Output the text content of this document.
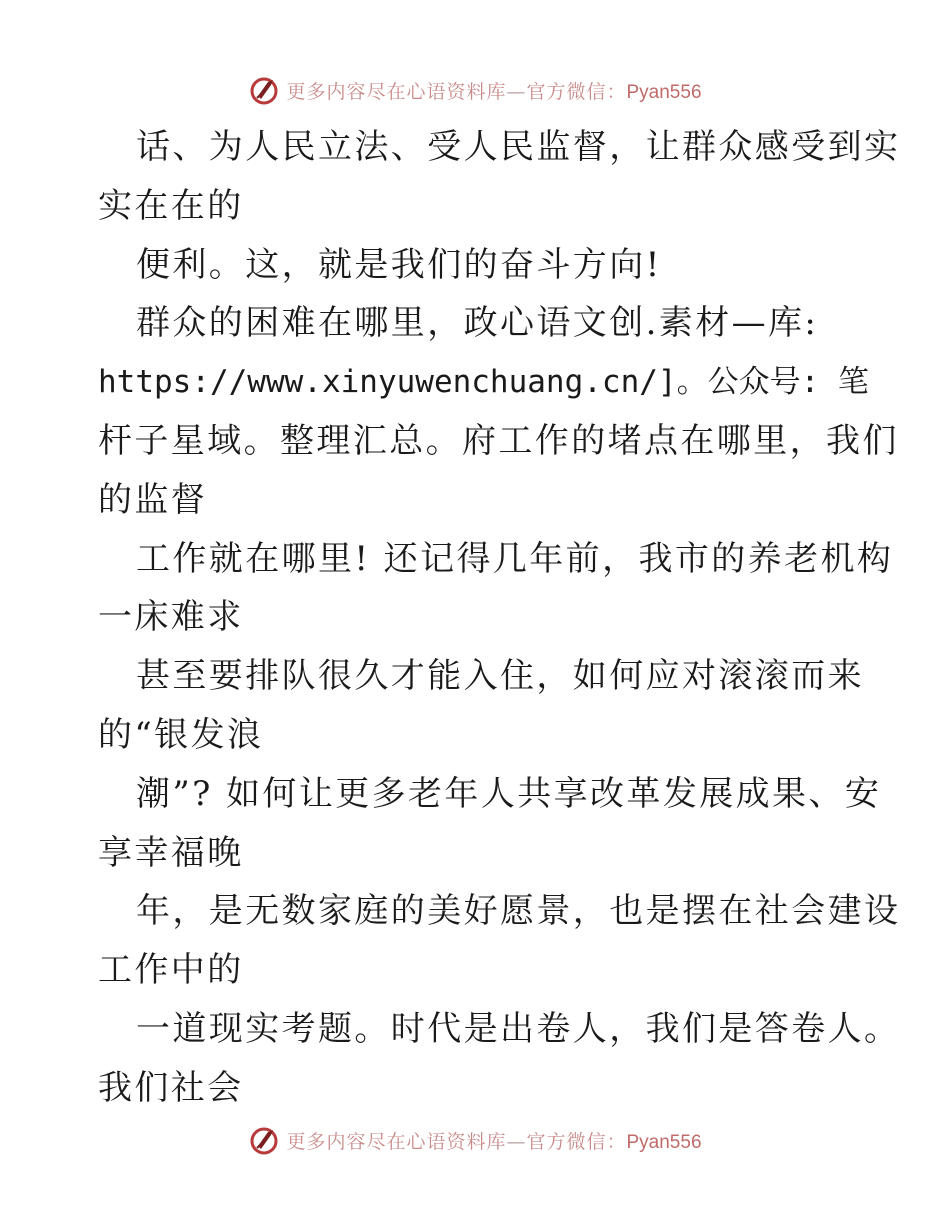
更多内容尽在心语资料库—官方微信：Pyan556
话、为人民立法、受人民监督，让群众感受到实
实在在的
便利。这，就是我们的奋斗方向!
群众的困难在哪里，政心语文创.素材—库:
https://www.xinyuwenchuang.cn/]。公众号: 笔
杆子星域。整理汇总。府工作的堵点在哪里，我们
的监督
工作就在哪里! 还记得几年前，我市的养老机构
一床难求
甚至要排队很久才能入住，如何应对滚滚而来
的“银发浪
潮”? 如何让更多老年人共享改革发展成果、安
享幸福晚
年，是无数家庭的美好愿景，也是摆在社会建设
工作中的
一道现实考题。时代是出卷人，我们是答卷人。
我们社会
更多内容尽在心语资料库—官方微信：Pyan556
